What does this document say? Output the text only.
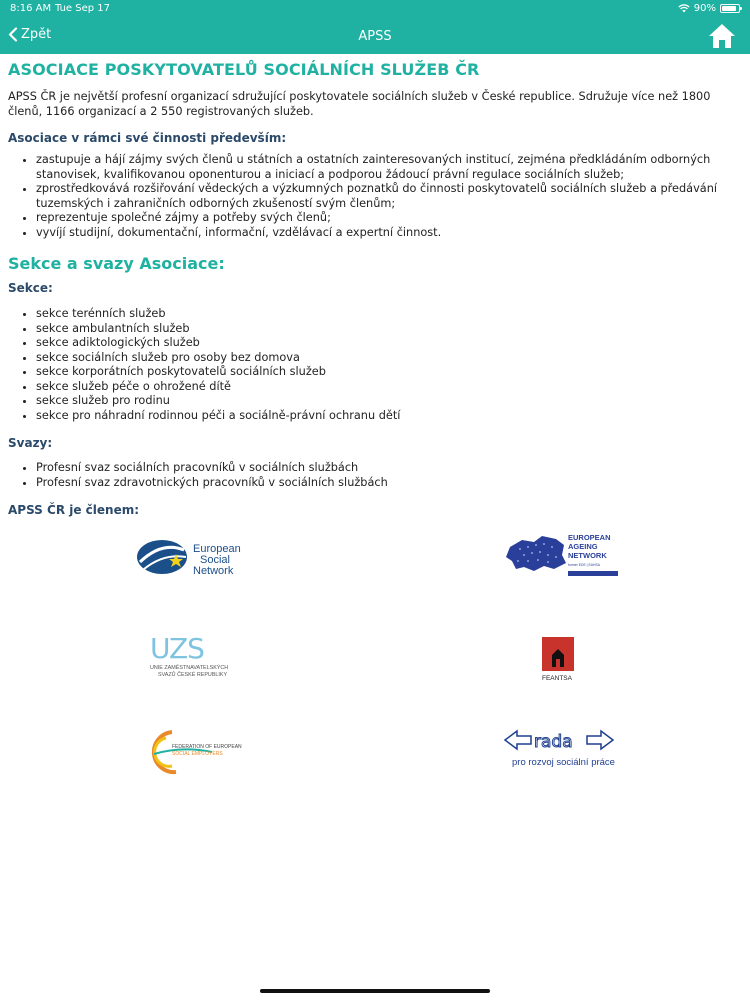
8:16 AM Tue Sep 17	90%
Zpět	APSS
ASOCIACE POSKYTOVATELŮ SOCIÁLNÍCH SLUŽEB ČR

APSS ČR je největší profesní organizací sdružující poskytovatele sociálních služeb v České republice. Sdružuje více než 1800 členů, 1166 organizací a 2 550 registrovaných služeb.

Asociace v rámci své činnosti především:
• zastupuje a hájí zájmy svých členů u státních a ostatních zainteresovaných institucí, zejména předkládáním odborných stanovisek, kvalifikovanou oponenturou a iniciací a podporou žádoucí právní regulace sociálních služeb;
• zprostředkovává rozšiřování vědeckých a výzkumných poznatků do činnosti poskytovatelů sociálních služeb a předávání tuzemských i zahraničních odborných zkušeností svým členům;
• reprezentuje společné zájmy a potřeby svých členů;
• vyvíjí studijní, dokumentační, informační, vzdělávací a expertní činnost.
Sekce a svazy Asociace:
Sekce:
• sekce terénních služeb
• sekce ambulantních služeb
• sekce adiktologických služeb
• sekce sociálních služeb pro osoby bez domova
• sekce korporátních poskytovatelů sociálních služeb
• sekce služeb péče o ohrožené dítě
• sekce služeb pro rodinu
• sekce pro náhradní rodinnou péči a sociálně-právní ochranu dětí
Svazy:
• Profesní svaz sociálních pracovníků v sociálních službách
• Profesní svaz zdravotnických pracovníků v sociálních službách
APSS ČR je členem:
European
Social
Network
EUROPEAN
AGEING
NETWORK
former EDE | EAHSA
UZS
UNIE ZAMĚSTNAVATELSKÝCH
SVAZŮ ČESKÉ REPUBLIKY	FEANTSA
FEDERATION OF EUROPEAN
SOCIAL EMPLOYERS
rada
pro rozvoj sociální práce
